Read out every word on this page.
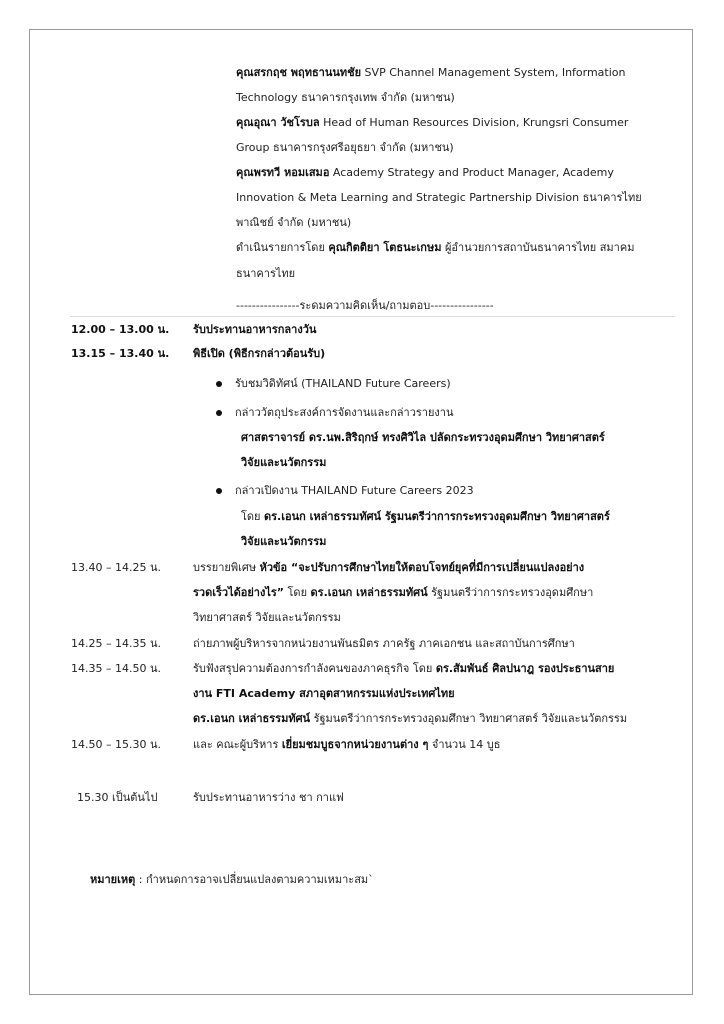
คุณสรกฤช พฤทธานนทชัย SVP Channel Management System, Information
Technology ธนาคารกรุงเทพ จำกัด (มหาชน)
คุณอุณา วัชโรบล Head of Human Resources Division, Krungsri Consumer
Group ธนาคารกรุงศรีอยุธยา จำกัด (มหาชน)
คุณพรทวี หอมเสมอ Academy Strategy and Product Manager, Academy
Innovation & Meta Learning and Strategic Partnership Division ธนาคารไทย
พาณิชย์ จำกัด (มหาชน)
ดำเนินรายการโดย คุณกิตติยา โตธนะเกษม ผู้อำนวยการสถาบันธนาคารไทย สมาคม
ธนาคารไทย
----------------ระดมความคิดเห็น/ถามตอบ----------------
12.00 – 13.00 น. รับประทานอาหารกลางวัน
13.15 – 13.40 น. พิธีเปิด (พิธีกรกล่าวต้อนรับ)
รับชมวิดิทัศน์ (THAILAND Future Careers)
กล่าววัตถุประสงค์การจัดงานและกล่าวรายงาน
ศาสตราจารย์ ดร.นพ.สิริฤกษ์ ทรงศิวิไล ปลัดกระทรวงอุดมศึกษา วิทยาศาสตร์
วิจัยและนวัตกรรม
กล่าวเปิดงาน THAILAND Future Careers 2023
โดย ดร.เอนก เหล่าธรรมทัศน์ รัฐมนตรีว่าการกระทรวงอุดมศึกษา วิทยาศาสตร์
วิจัยและนวัตกรรม
13.40 – 14.25 น.	บรรยายพิเศษ หัวข้อ “จะปรับการศึกษาไทยให้ตอบโจทย์ยุคที่มีการเปลี่ยนแปลงอย่าง
รวดเร็วได้อย่างไร” โดย ดร.เอนก เหล่าธรรมทัศน์ รัฐมนตรีว่าการกระทรวงอุดมศึกษา
วิทยาศาสตร์ วิจัยและนวัตกรรม
14.25 – 14.35 น.	ถ่ายภาพผู้บริหารจากหน่วยงานพันธมิตร ภาครัฐ ภาคเอกชน และสถาบันการศึกษา
14.35 – 14.50 น.	รับฟังสรุปความต้องการกำลังคนของภาคธุรกิจ โดย ดร.สัมพันธ์ ศิลปนาฎ รองประธานสาย
งาน FTI Academy สภาอุตสาหกรรมแห่งประเทศไทย
ดร.เอนก เหล่าธรรมทัศน์ รัฐมนตรีว่าการกระทรวงอุดมศึกษา วิทยาศาสตร์ วิจัยและนวัตกรรม
14.50 – 15.30 น.	และ คณะผู้บริหาร เยี่ยมชมบูธจากหน่วยงานต่าง ๆ จำนวน 14 บูธ
15.30 เป็นต้นไป	รับประทานอาหารว่าง ชา กาแฟ
หมายเหตุ : กำหนดการอาจเปลี่ยนแปลงตามความเหมาะสม`
